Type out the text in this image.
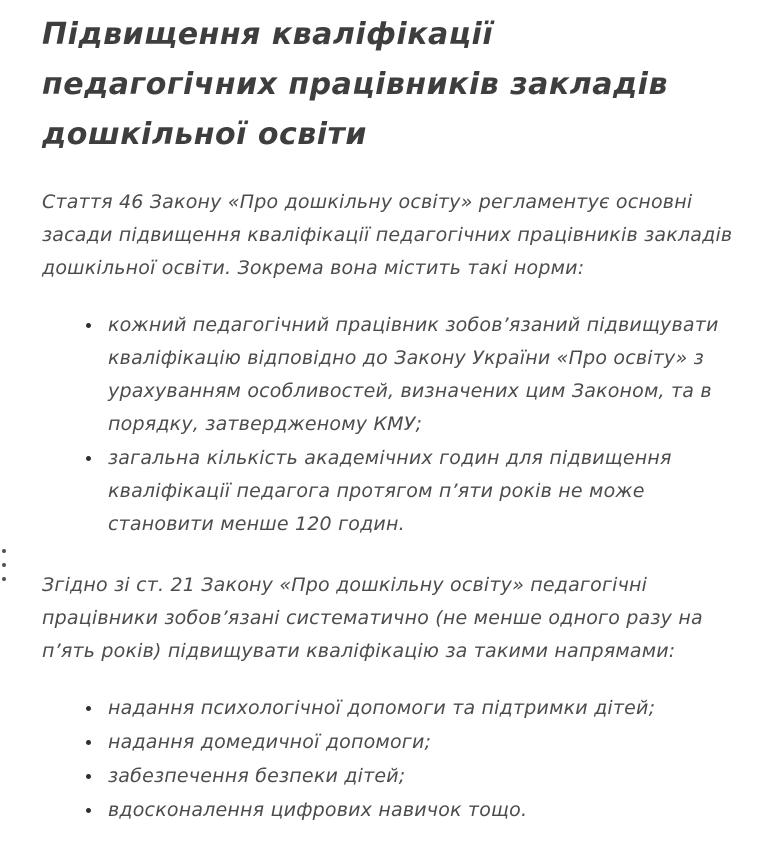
Підвищення кваліфікації педагогічних працівників закладів дошкільної освіти

Стаття 46 Закону «Про дошкільну освіту» регламентує основні засади підвищення кваліфікації педагогічних працівників закладів дошкільної освіти. Зокрема вона містить такі норми:

• кожний педагогічний працівник зобов’язаний підвищувати кваліфікацію відповідно до Закону України «Про освіту» з урахуванням особливостей, визначених цим Законом, та в порядку, затвердженому КМУ;
• загальна кількість академічних годин для підвищення кваліфікації педагога протягом п’яти років не може становити менше 120 годин.

Згідно зі ст. 21 Закону «Про дошкільну освіту» педагогічні працівники зобов’язані систематично (не менше одного разу на п’ять років) підвищувати кваліфікацію за такими напрямами:

• надання психологічної допомоги та підтримки дітей;
• надання домедичної допомоги;
• забезпечення безпеки дітей;
• вдосконалення цифрових навичок тощо.
